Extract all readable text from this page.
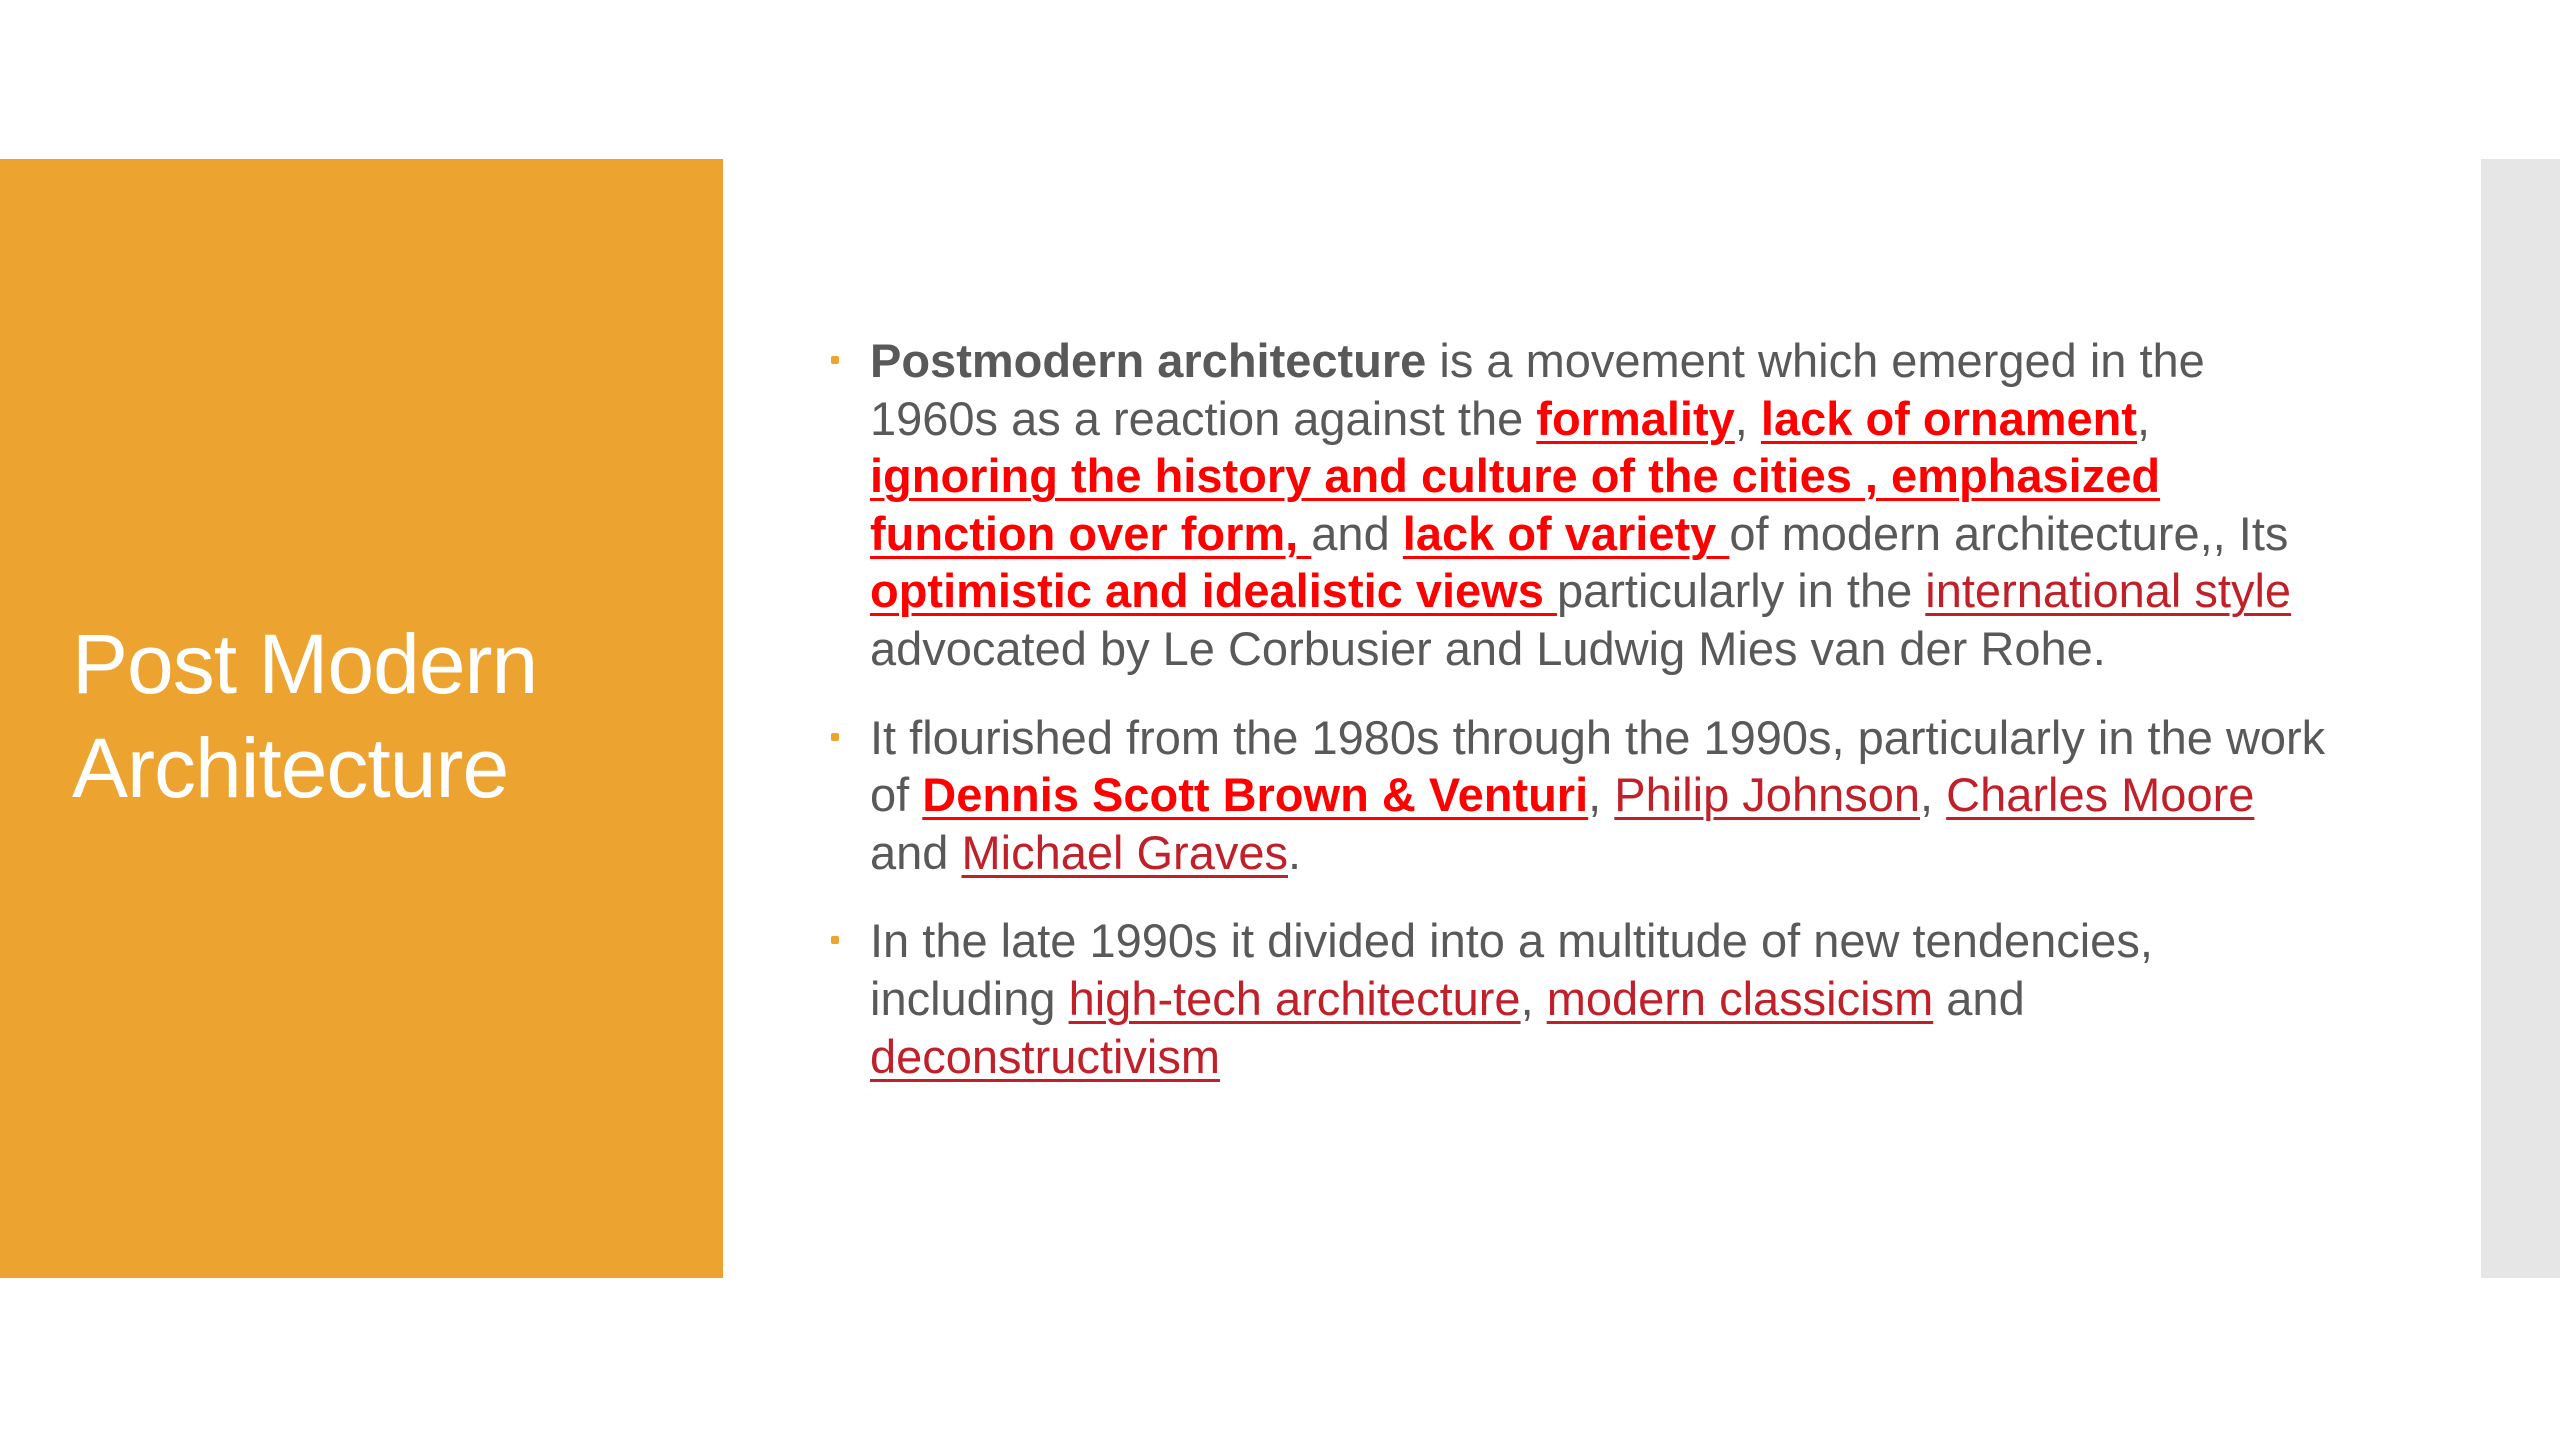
Post Modern
Architecture

Postmodern architecture is a movement which emerged in the 1960s as a reaction against the formality, lack of ornament, ignoring the history and culture of the cities , emphasized function over form, and lack of variety of modern architecture,, Its optimistic and idealistic views particularly in the international style advocated by Le Corbusier and Ludwig Mies van der Rohe.

It flourished from the 1980s through the 1990s, particularly in the work of Dennis Scott Brown & Venturi, Philip Johnson, Charles Moore and Michael Graves.

In the late 1990s it divided into a multitude of new tendencies, including high-tech architecture, modern classicism and deconstructivism
